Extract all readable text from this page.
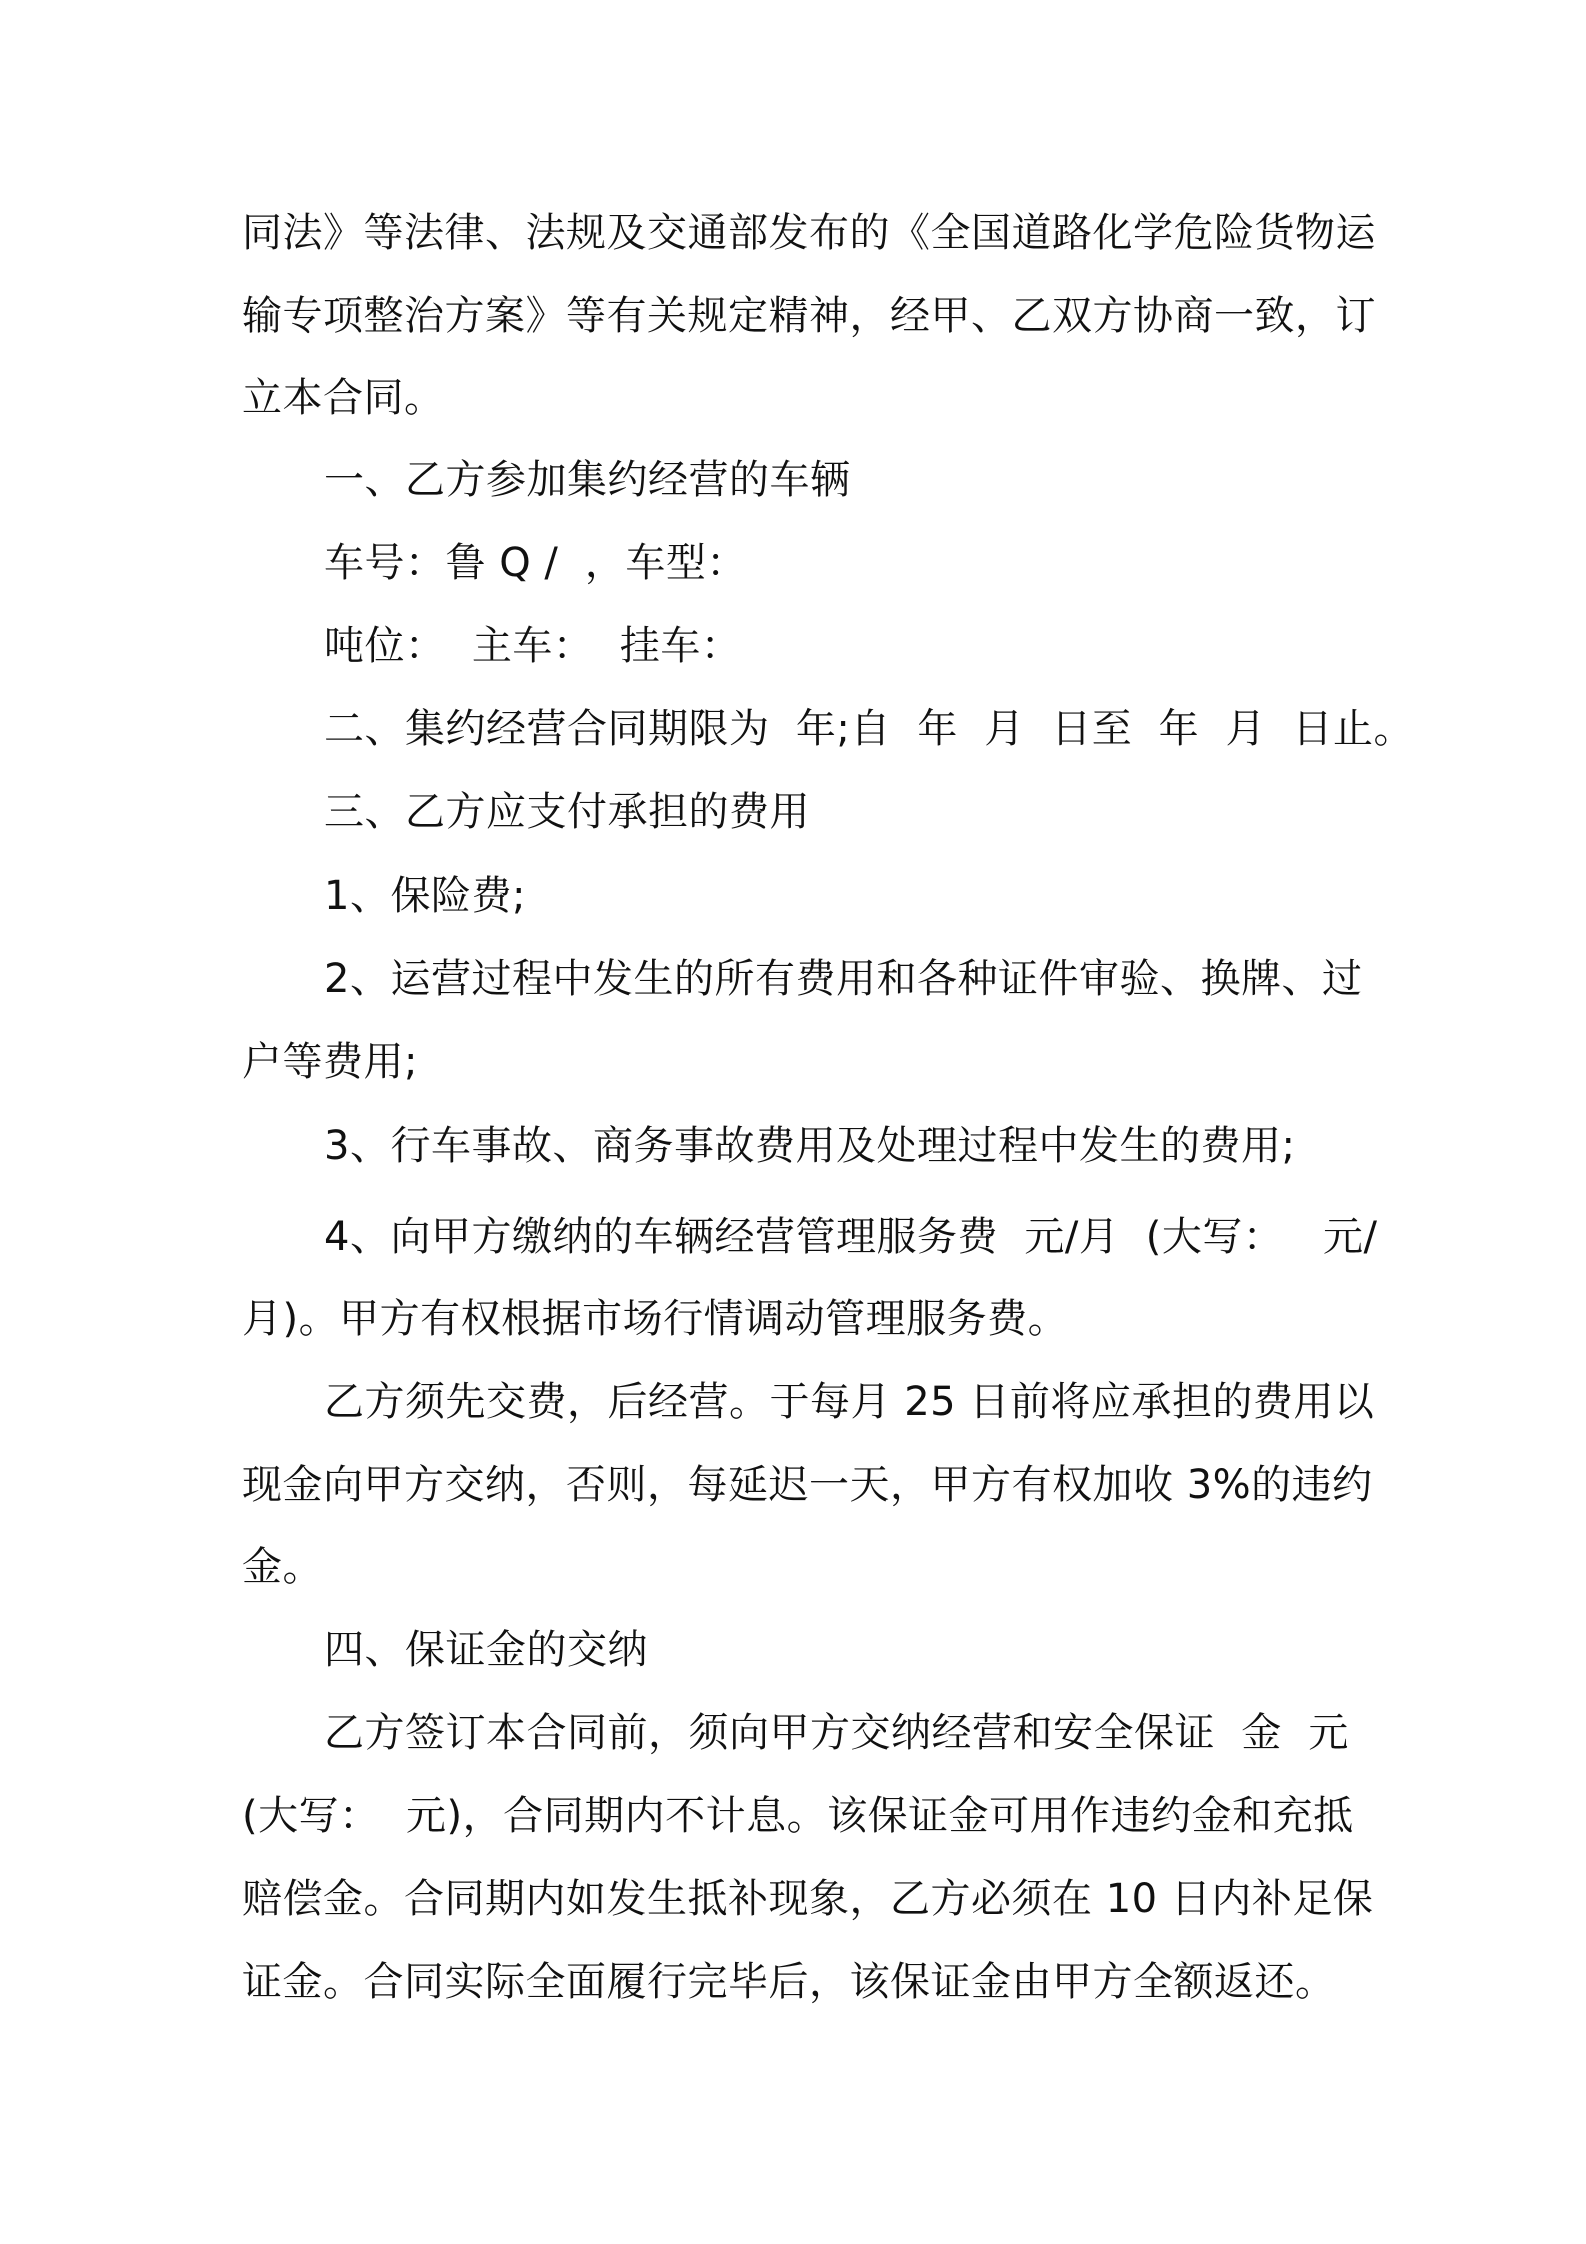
同法》等法律、法规及交通部发布的《全国道路化学危险货物运

输专项整治方案》等有关规定精神，经甲、乙双方协商一致，订

立本合同。

一、乙方参加集约经营的车辆

车号：鲁 Q /  ，车型：

吨位：  主车：  挂车：

二、集约经营合同期限为  年;自  年  月  日至  年  月  日止。

三、乙方应支付承担的费用

1、保险费;

2、运营过程中发生的所有费用和各种证件审验、换牌、过

户等费用;

3、行车事故、商务事故费用及处理过程中发生的费用;

4、向甲方缴纳的车辆经营管理服务费  元/月  (大写：   元/

月)。甲方有权根据市场行情调动管理服务费。

乙方须先交费，后经营。于每月 25 日前将应承担的费用以

现金向甲方交纳，否则，每延迟一天，甲方有权加收 3%的违约

金。

四、保证金的交纳

乙方签订本合同前，须向甲方交纳经营和安全保证  金  元

(大写：  元)，合同期内不计息。该保证金可用作违约金和充抵

赔偿金。合同期内如发生抵补现象，乙方必须在 10 日内补足保

证金。合同实际全面履行完毕后，该保证金由甲方全额返还。
